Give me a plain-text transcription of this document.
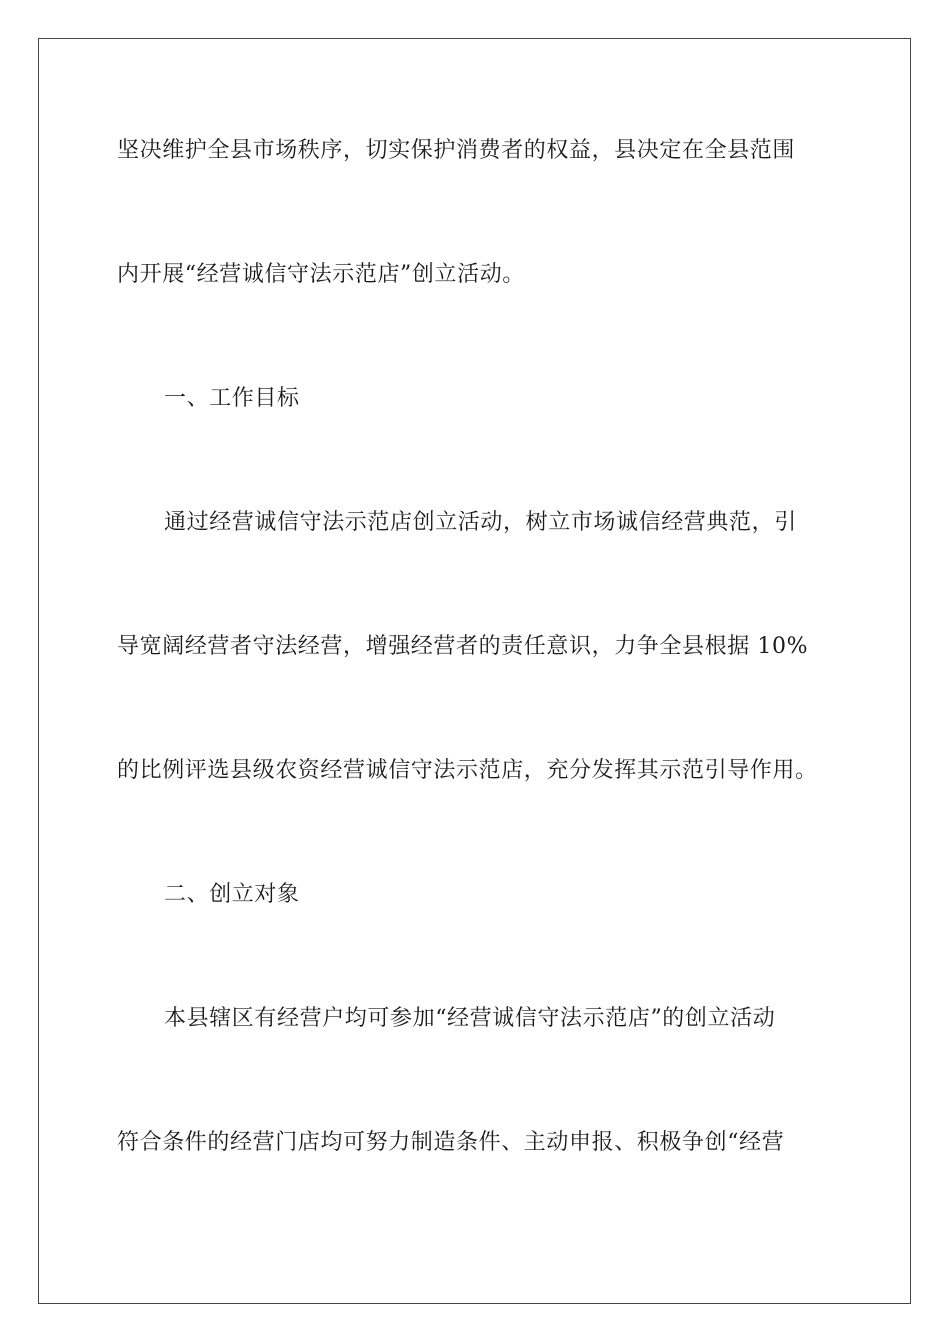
坚决维护全县市场秩序，切实保护消费者的权益，县决定在全县范围
内开展“经营诚信守法示范店”创立活动。
一、工作目标
通过经营诚信守法示范店创立活动，树立市场诚信经营典范，引
导宽阔经营者守法经营，增强经营者的责任意识，力争全县根据 10%
的比例评选县级农资经营诚信守法示范店，充分发挥其示范引导作用。
二、创立对象
本县辖区有经营户均可参加“经营诚信守法示范店”的创立活动
符合条件的经营门店均可努力制造条件、主动申报、积极争创“经营
